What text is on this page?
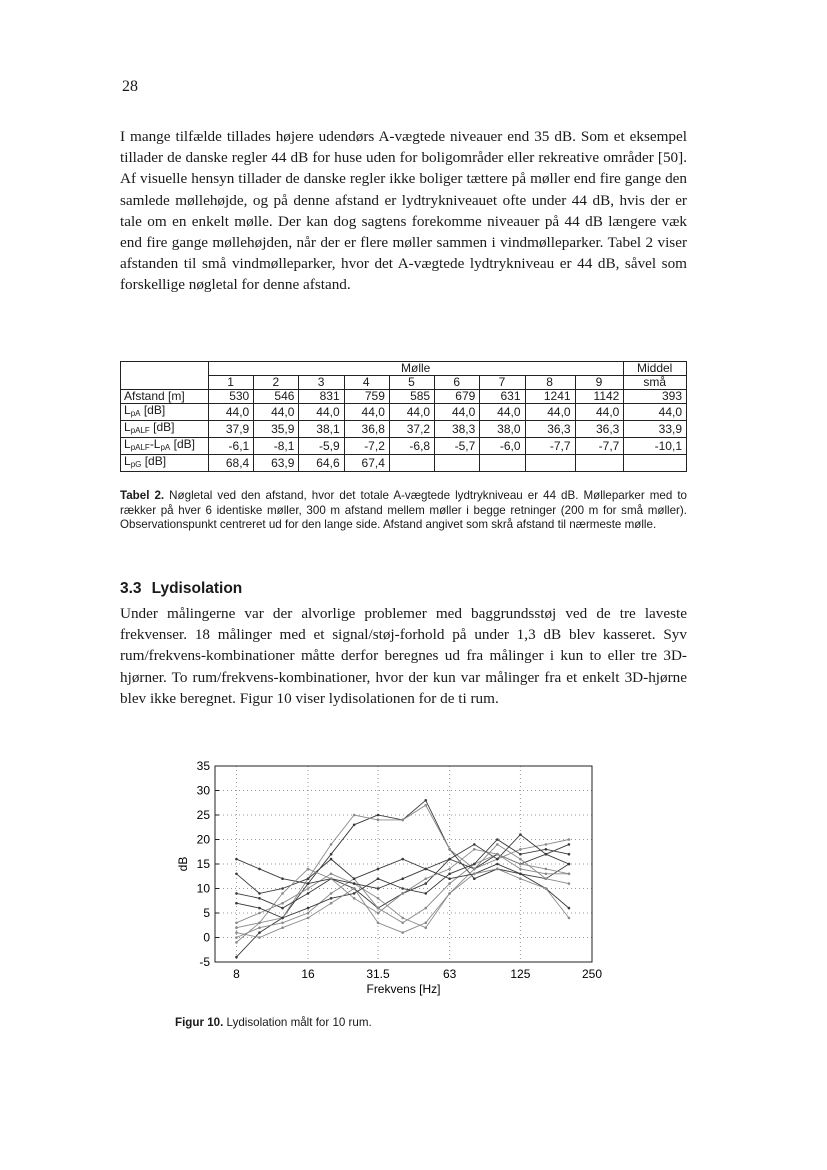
28

I mange tilfælde tillades højere udendørs A-vægtede niveauer end 35 dB. Som et eksempel tillader de danske regler 44 dB for huse uden for boligområder eller rekreative områder [50]. Af visuelle hensyn tillader de danske regler ikke boliger tættere på møller end fire gange den samlede møllehøjde, og på denne afstand er lydtrykniveauet ofte under 44 dB, hvis der er tale om en enkelt mølle. Der kan dog sagtens forekomme niveauer på 44 dB længere væk end fire gange møllehøjden, når der er flere møller sammen i vindmølleparker. Tabel 2 viser afstanden til små vindmølleparker, hvor det A-vægtede lydtrykniveau er 44 dB, såvel som forskellige nøgletal for denne afstand.

	Mølle									Middel
	1	2	3	4	5	6	7	8	9	små
Afstand [m]	530	546	831	759	585	679	631	1241	1142	393
$L_{pA}$ [dB]	44,0	44,0	44,0	44,0	44,0	44,0	44,0	44,0	44,0	44,0
$L_{pALF}$ [dB]	37,9	35,9	38,1	36,8	37,2	38,3	38,0	36,3	36,3	33,9
$L_{pALF}-L_{pA}$ [dB]	-6,1	-8,1	-5,9	-7,2	-6,8	-5,7	-6,0	-7,7	-7,7	-10,1
$L_{pG}$ [dB]	68,4	63,9	64,6	67,4						

Tabel 2. Nøgletal ved den afstand, hvor det totale A-vægtede lydtrykniveau er 44 dB. Mølleparker med to rækker på hver 6 identiske møller, 300 m afstand mellem møller i begge retninger (200 m for små møller). Observationspunkt centreret ud for den lange side. Afstand angivet som skrå afstand til nærmeste mølle.

3.3 Lydisolation

Under målingerne var der alvorlige problemer med baggrundsstøj ved de tre laveste frekvenser. 18 målinger med et signal/støj-forhold på under 1,3 dB blev kasseret. Syv rum/frekvens-kombinationer måtte derfor beregnes ud fra målinger i kun to eller tre 3D-hjørner. To rum/frekvens-kombinationer, hvor der kun var målinger fra et enkelt 3D-hjørne blev ikke beregnet. Figur 10 viser lydisolationen for de ti rum.

35
30
25
20
15
10
5
0
-5
8	16	31.5	63	125	250
Frekvens [Hz]
dB

Figur 10. Lydisolation målt for 10 rum.
